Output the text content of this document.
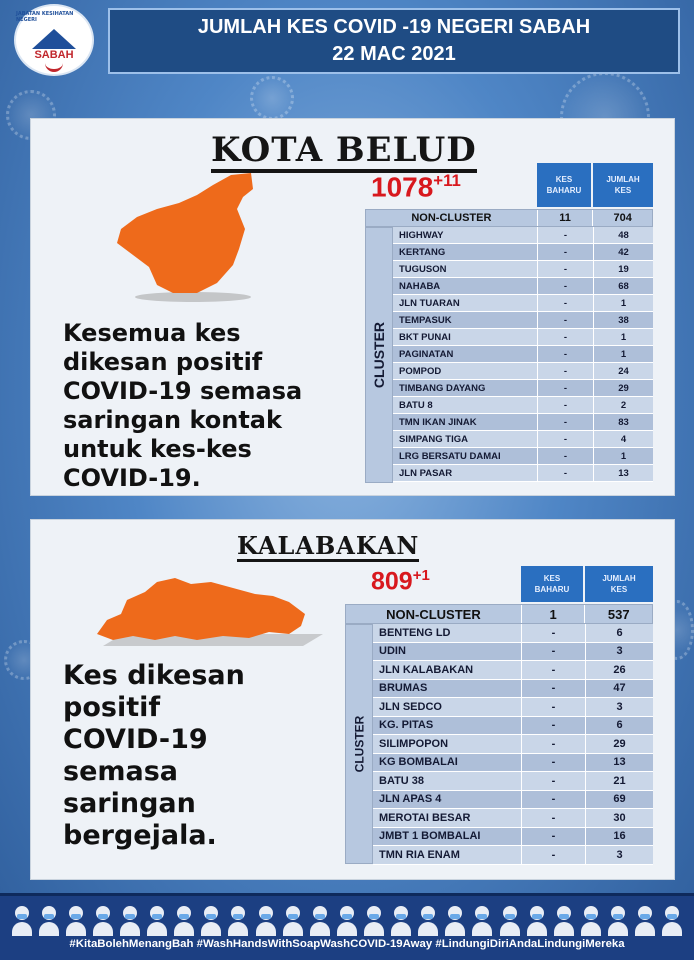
JABATAN KESIHATAN NEGERI
SABAH
JUMLAH KES COVID -19 NEGERI SABAH
22 MAC 2021
KOTA BELUD
$1078^{+11}$
Kesemua kes
dikesan positif
COVID-19 semasa
saringan kontak
untuk kes-kes
COVID-19.
KES
BAHARU
JUMLAH
KES
NON-CLUSTER	11	704
CLUSTER
HIGHWAY	-	48
KERTANG	-	42
TUGUSON	-	19
NAHABA	-	68
JLN TUARAN	-	1
TEMPASUK	-	38
BKT PUNAI	-	1
PAGINATAN	-	1
POMPOD	-	24
TIMBANG DAYANG	-	29
BATU 8	-	2
TMN IKAN JINAK	-	83
SIMPANG TIGA	-	4
LRG BERSATU DAMAI	-	1
JLN PASAR	-	13
KALABAKAN
$809^{+1}$
Kes dikesan
positif
COVID-19
semasa
saringan
bergejala.
KES
BAHARU
JUMLAH
KES
NON-CLUSTER	1	537
CLUSTER
BENTENG LD	-	6
UDIN	-	3
JLN KALABAKAN	-	26
BRUMAS	-	47
JLN SEDCO	-	3
KG. PITAS	-	6
SILIMPOPON	-	29
KG BOMBALAI	-	13
BATU 38	-	21
JLN APAS 4	-	69
MEROTAI BESAR	-	30
JMBT 1 BOMBALAI	-	16
TMN RIA ENAM	-	3
#KitaBolehMenangBah #WashHandsWithSoapWashCOVID-19Away #LindungiDiriAndaLindungiMereka
